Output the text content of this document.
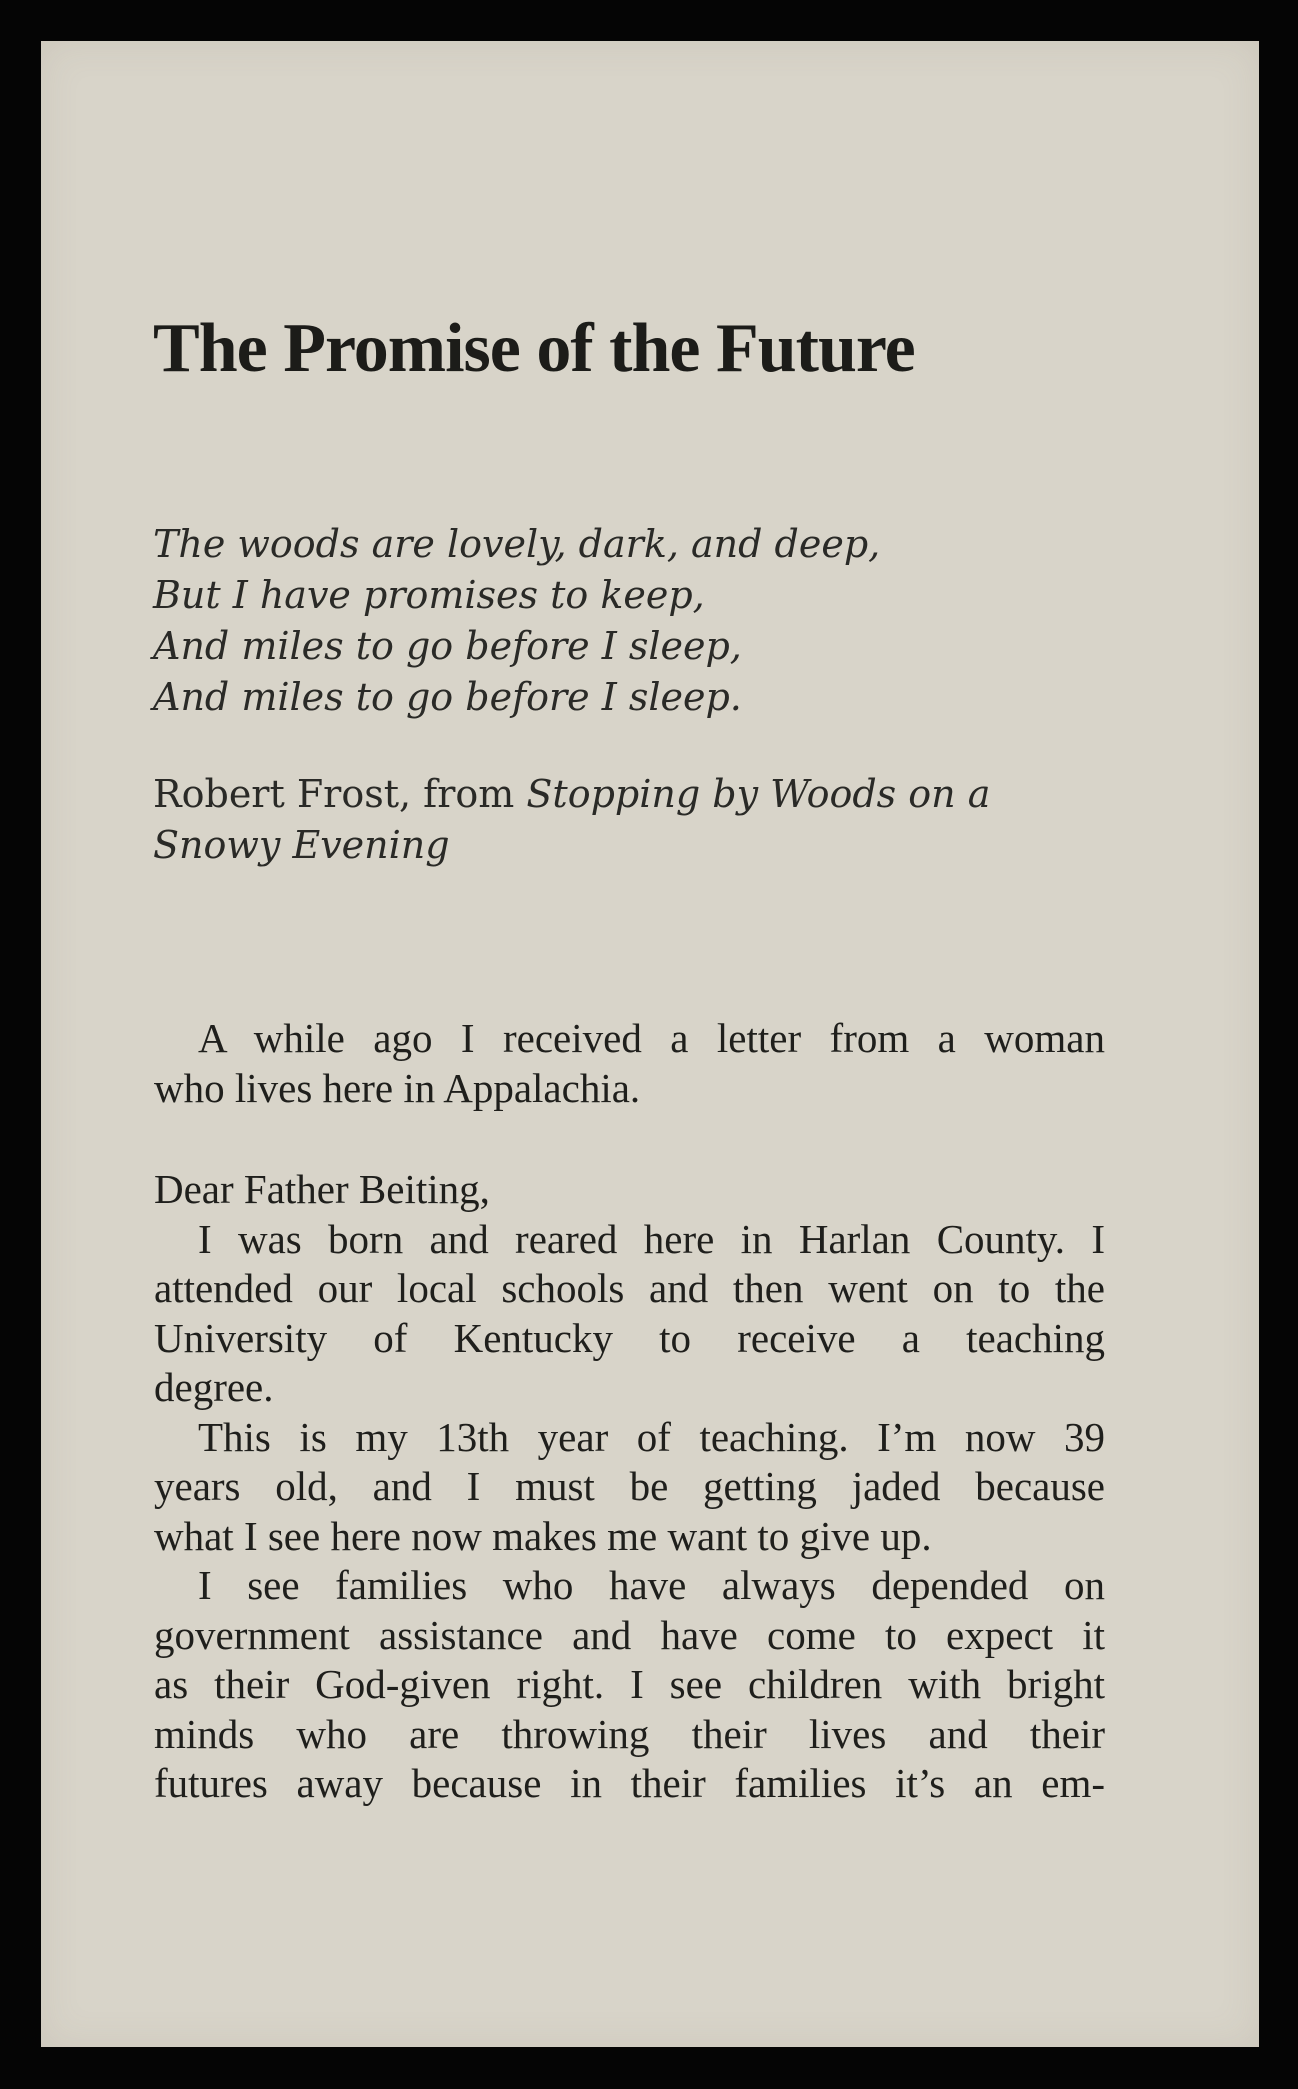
The Promise of the Future
The woods are lovely, dark, and deep,
But I have promises to keep,
And miles to go before I sleep,
And miles to go before I sleep.
Robert Frost, from Stopping by Woods on a
Snowy Evening
A while ago I received a letter from a woman
who lives here in Appalachia.
Dear Father Beiting,
I was born and reared here in Harlan County. I
attended our local schools and then went on to the
University of Kentucky to receive a teaching
degree.
This is my 13th year of teaching. I’m now 39
years old, and I must be getting jaded because
what I see here now makes me want to give up.
I see families who have always depended on
government assistance and have come to expect it
as their God-given right. I see children with bright
minds who are throwing their lives and their
futures away because in their families it’s an em-
